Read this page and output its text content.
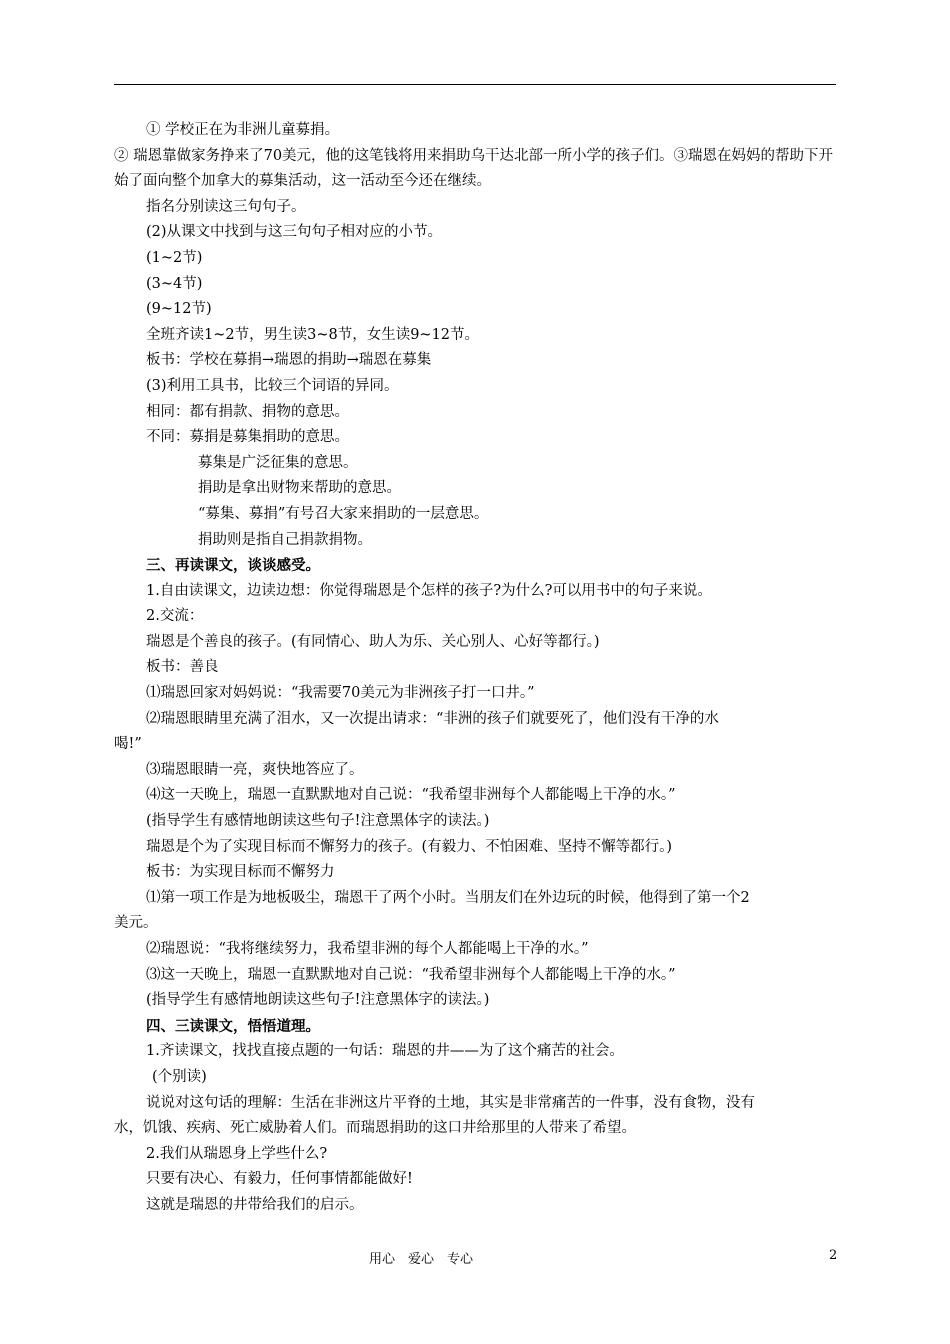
① 学校正在为非洲儿童募捐。

② 瑞恩靠做家务挣来了70美元，他的这笔钱将用来捐助乌干达北部一所小学的孩子们。③瑞恩在妈妈的帮助下开始了面向整个加拿大的募集活动，这一活动至今还在继续。

指名分别读这三句句子。

(2)从课文中找到与这三句句子相对应的小节。

(1~2节)

(3~4节)

(9~12节)

全班齐读1~2节，男生读3~8节，女生读9~12节。

板书：学校在募捐→瑞恩的捐助→瑞恩在募集

(3)利用工具书，比较三个词语的异同。

相同：都有捐款、捐物的意思。

不同：募捐是募集捐助的意思。

募集是广泛征集的意思。

捐助是拿出财物来帮助的意思。

“募集、募捐”有号召大家来捐助的一层意思。

捐助则是指自己捐款捐物。

三、再读课文，谈谈感受。

1.自由读课文，边读边想：你觉得瑞恩是个怎样的孩子?为什么?可以用书中的句子来说。

2.交流：

瑞恩是个善良的孩子。(有同情心、助人为乐、关心别人、心好等都行。)

板书：善良

⑴瑞恩回家对妈妈说：“我需要70美元为非洲孩子打一口井。”

⑵瑞恩眼睛里充满了泪水，又一次提出请求：“非洲的孩子们就要死了，他们没有干净的水

喝!”

⑶瑞恩眼睛一亮，爽快地答应了。

⑷这一天晚上，瑞恩一直默默地对自己说：“我希望非洲每个人都能喝上干净的水。”

(指导学生有感情地朗读这些句子!注意黑体字的读法。)

瑞恩是个为了实现目标而不懈努力的孩子。(有毅力、不怕困难、坚持不懈等都行。)

板书：为实现目标而不懈努力

⑴第一项工作是为地板吸尘，瑞恩干了两个小时。当朋友们在外边玩的时候，他得到了第一个2

美元。

⑵瑞恩说：“我将继续努力，我希望非洲的每个人都能喝上干净的水。”

⑶这一天晚上，瑞恩一直默默地对自己说：“我希望非洲每个人都能喝上干净的水。”

(指导学生有感情地朗读这些句子!注意黑体字的读法。)

四、三读课文，悟悟道理。

1.齐读课文，找找直接点题的一句话：瑞恩的井——为了这个痛苦的社会。

(个别读)

说说对这句话的理解：生活在非洲这片平脊的土地，其实是非常痛苦的一件事，没有食物，没有

水，饥饿、疾病、死亡威胁着人们。而瑞恩捐助的这口井给那里的人带来了希望。

2.我们从瑞恩身上学些什么?

只要有决心、有毅力，任何事情都能做好!

这就是瑞恩的井带给我们的启示。

用心　爱心　专心	2
